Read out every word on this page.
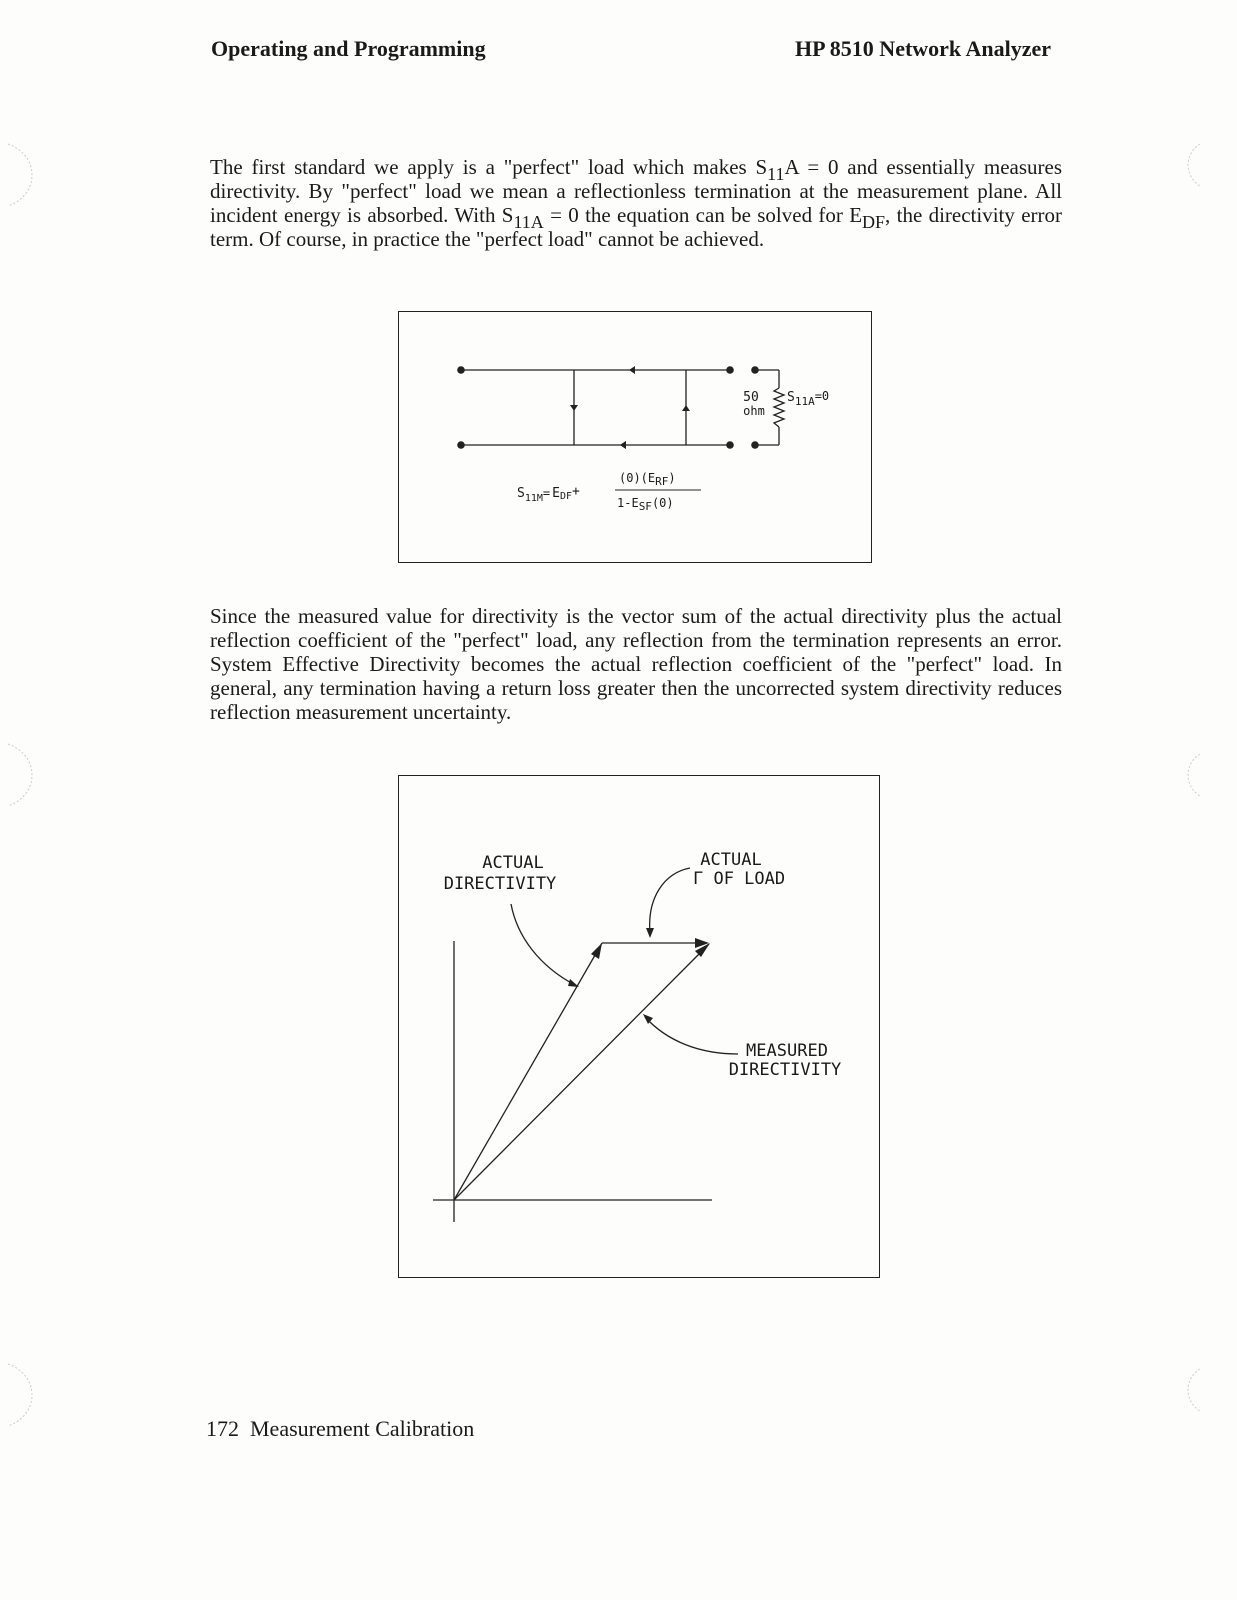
Operating and Programming	HP 8510 Network Analyzer
The first standard we apply is a "perfect" load which makes $S_{11}A = 0$ and essentially measures directivity. By "perfect" load we mean a reflectionless termination at the measurement plane. All incident energy is absorbed. With $S_{11A} = 0$ the equation can be solved for $E_{DF}$, the directivity error term. Of course, in practice the "perfect load" cannot be achieved.
50
ohm
$S_{11A}=0$
$S_{11M}= EDF+$
(0)(ERF)
1-ESF(0)
Since the measured value for directivity is the vector sum of the actual directivity plus the actual reflection coefficient of the "perfect" load, any reflection from the termination represents an error. System Effective Directivity becomes the actual reflection coefficient of the "perfect" load. In general, any termination having a return loss greater then the uncorrected system directivity reduces reflection measurement uncertainty.
ACTUAL
DIRECTIVITY
ACTUAL
Γ OF LOAD
MEASURED
DIRECTIVITY
172 Measurement Calibration
